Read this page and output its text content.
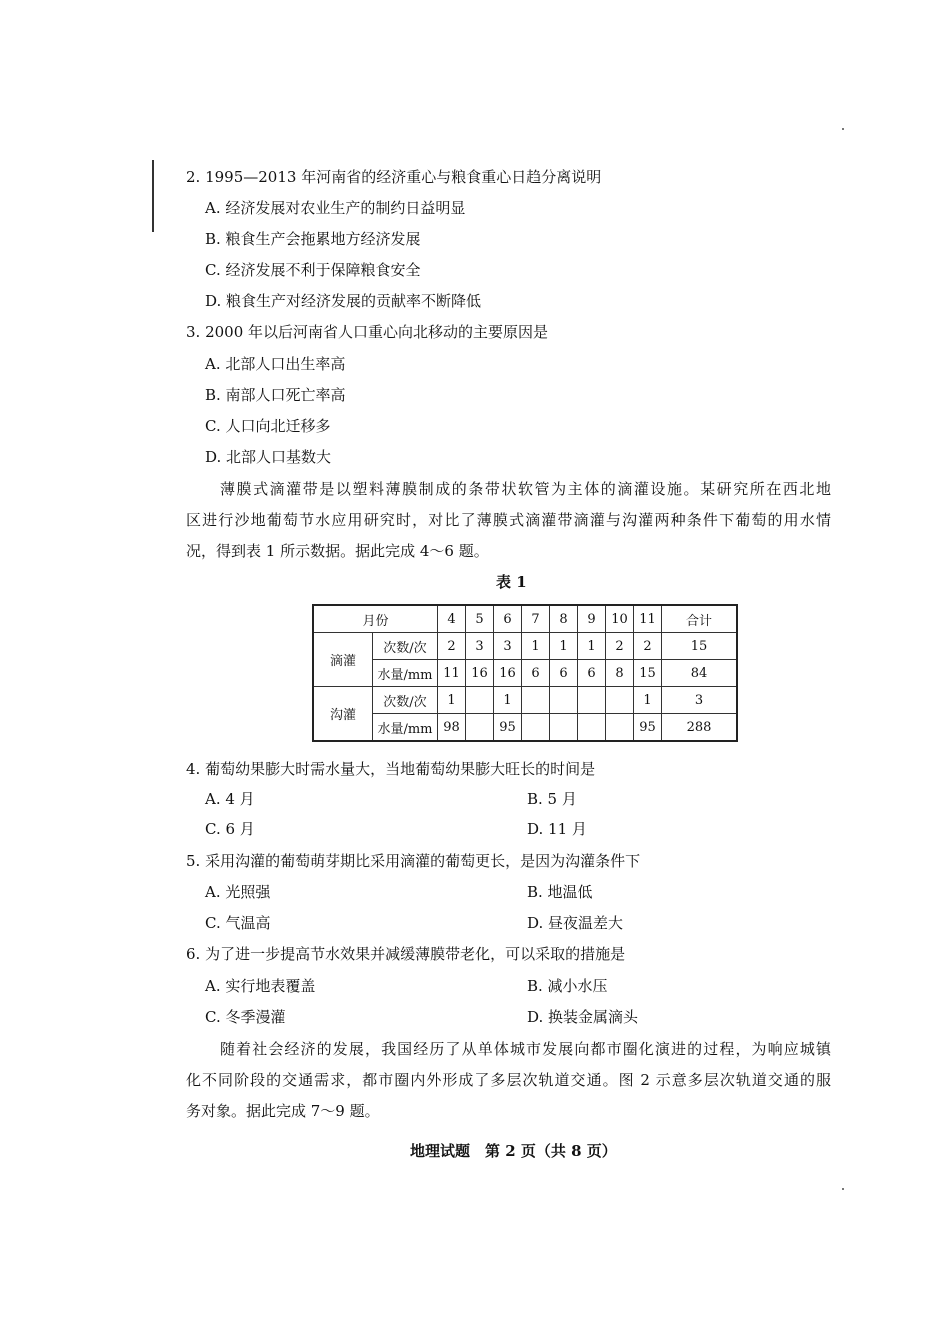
2. 1995—2013 年河南省的经济重心与粮食重心日趋分离说明
A. 经济发展对农业生产的制约日益明显
B. 粮食生产会拖累地方经济发展
C. 经济发展不利于保障粮食安全
D. 粮食生产对经济发展的贡献率不断降低
3. 2000 年以后河南省人口重心向北移动的主要原因是
A. 北部人口出生率高
B. 南部人口死亡率高
C. 人口向北迁移多
D. 北部人口基数大
薄膜式滴灌带是以塑料薄膜制成的条带状软管为主体的滴灌设施。某研究所在西北地
区进行沙地葡萄节水应用研究时，对比了薄膜式滴灌带滴灌与沟灌两种条件下葡萄的用水情
况，得到表 1 所示数据。据此完成 4～6 题。
表 1
月份		4	5	6	7	8	9	10	11	合计
滴灌	次数/次	2	3	3	1	1	1	2	2	15
	水量/mm	11	16	16	6	6	6	8	15	84
沟灌	次数/次	1		1					1	3
	水量/mm	98		95					95	288
4. 葡萄幼果膨大时需水量大，当地葡萄幼果膨大旺长的时间是
A. 4 月	B. 5 月
C. 6 月	D. 11 月
5. 采用沟灌的葡萄萌芽期比采用滴灌的葡萄更长，是因为沟灌条件下
A. 光照强	B. 地温低
C. 气温高	D. 昼夜温差大
6. 为了进一步提高节水效果并减缓薄膜带老化，可以采取的措施是
A. 实行地表覆盖	B. 减小水压
C. 冬季漫灌	D. 换装金属滴头
随着社会经济的发展，我国经历了从单体城市发展向都市圈化演进的过程，为响应城镇
化不同阶段的交通需求，都市圈内外形成了多层次轨道交通。图 2 示意多层次轨道交通的服
务对象。据此完成 7～9 题。
地理试题　第 2 页（共 8 页）
